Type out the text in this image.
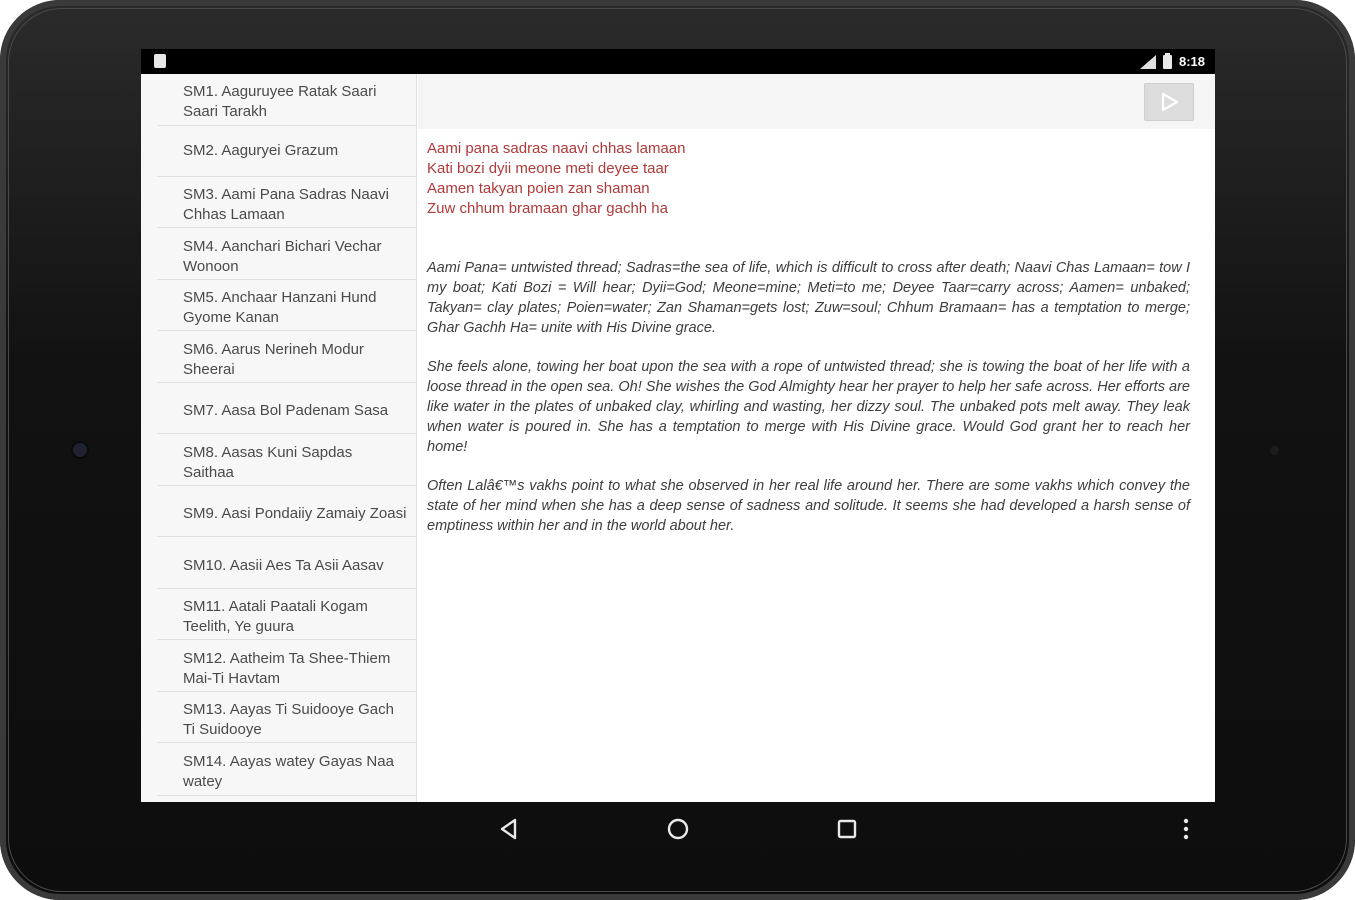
8:18
SM1. Aaguruyee Ratak Saari Saari Tarakh
SM2. Aaguryei Grazum
SM3. Aami Pana Sadras Naavi Chhas Lamaan
SM4. Aanchari Bichari Vechar Wonoon
SM5. Anchaar Hanzani Hund Gyome Kanan
SM6. Aarus Nerineh Modur Sheerai
SM7. Aasa Bol Padenam Sasa
SM8. Aasas Kuni Sapdas Saithaa
SM9. Aasi Pondaiiy Zamaiy Zoasi
SM10. Aasii Aes Ta Asii Aasav
SM11. Aatali Paatali Kogam Teelith, Ye guura
SM12. Aatheim Ta Shee-Thiem Mai-Ti Havtam
SM13. Aayas Ti Suidooye Gach Ti Suidooye
SM14. Aayas watey Gayas Naa watey
Aami pana sadras naavi chhas lamaan
Kati bozi dyii meone meti deyee taar
Aamen takyan poien zan shaman
Zuw chhum bramaan ghar gachh ha

Aami Pana= untwisted thread; Sadras=the sea of life, which is difficult to cross after death; Naavi Chas Lamaan= tow I my boat; Kati Bozi = Will hear; Dyii=God; Meone=mine; Meti=to me; Deyee Taar=carry across; Aamen= unbaked; Takyan= clay plates; Poien=water; Zan Shaman=gets lost; Zuw=soul; Chhum Bramaan= has a temptation to merge; Ghar Gachh Ha= unite with His Divine grace.

She feels alone, towing her boat upon the sea with a rope of untwisted thread; she is towing the boat of her life with a loose thread in the open sea. Oh! She wishes the God Almighty hear her prayer to help her safe across. Her efforts are like water in the plates of unbaked clay, whirling and wasting, her dizzy soul. The unbaked pots melt away. They leak when water is poured in. She has a temptation to merge with His Divine grace. Would God grant her to reach her home!

Often Lalâ€™s vakhs point to what she observed in her real life around her. There are some vakhs which convey the state of her mind when she has a deep sense of sadness and solitude. It seems she had developed a harsh sense of emptiness within her and in the world about her.
